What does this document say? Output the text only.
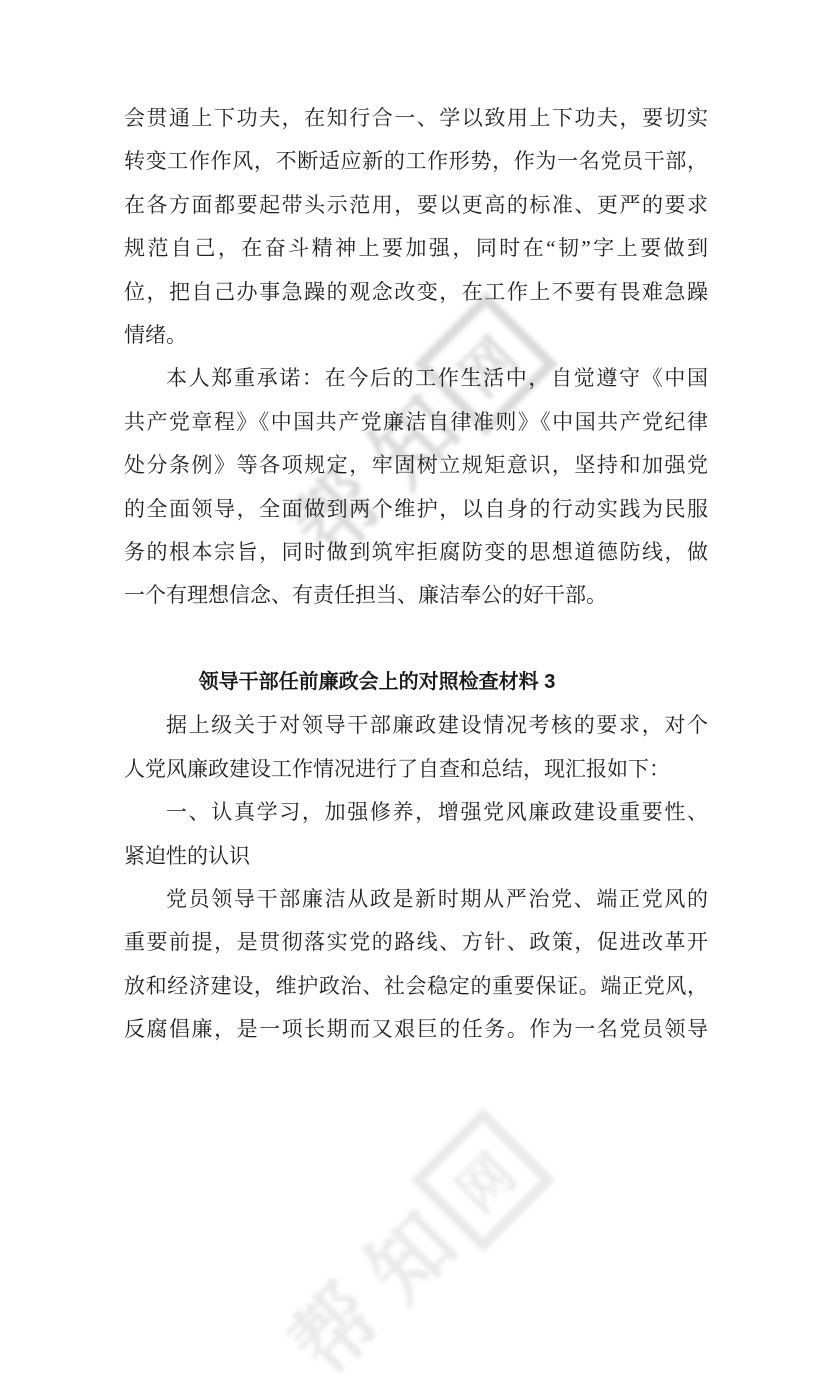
网
知
帮
网
知
帮
会贯通上下功夫，在知行合一、学以致用上下功夫，要切实
转变工作作风，不断适应新的工作形势，作为一名党员干部，
在各方面都要起带头示范用，要以更高的标准、更严的要求
规范自己，在奋斗精神上要加强，同时在“韧”字上要做到
位，把自己办事急躁的观念改变，在工作上不要有畏难急躁
情绪。
本人郑重承诺：在今后的工作生活中，自觉遵守《中国
共产党章程》《中国共产党廉洁自律准则》《中国共产党纪律
处分条例》等各项规定，牢固树立规矩意识，坚持和加强党
的全面领导，全面做到两个维护，以自身的行动实践为民服
务的根本宗旨，同时做到筑牢拒腐防变的思想道德防线，做
一个有理想信念、有责任担当、廉洁奉公的好干部。
领导干部任前廉政会上的对照检查材料 3
据上级关于对领导干部廉政建设情况考核的要求，对个
人党风廉政建设工作情况进行了自查和总结，现汇报如下：
一、认真学习，加强修养，增强党风廉政建设重要性、
紧迫性的认识
党员领导干部廉洁从政是新时期从严治党、端正党风的
重要前提，是贯彻落实党的路线、方针、政策，促进改革开
放和经济建设，维护政治、社会稳定的重要保证。端正党风，
反腐倡廉，是一项长期而又艰巨的任务。作为一名党员领导
